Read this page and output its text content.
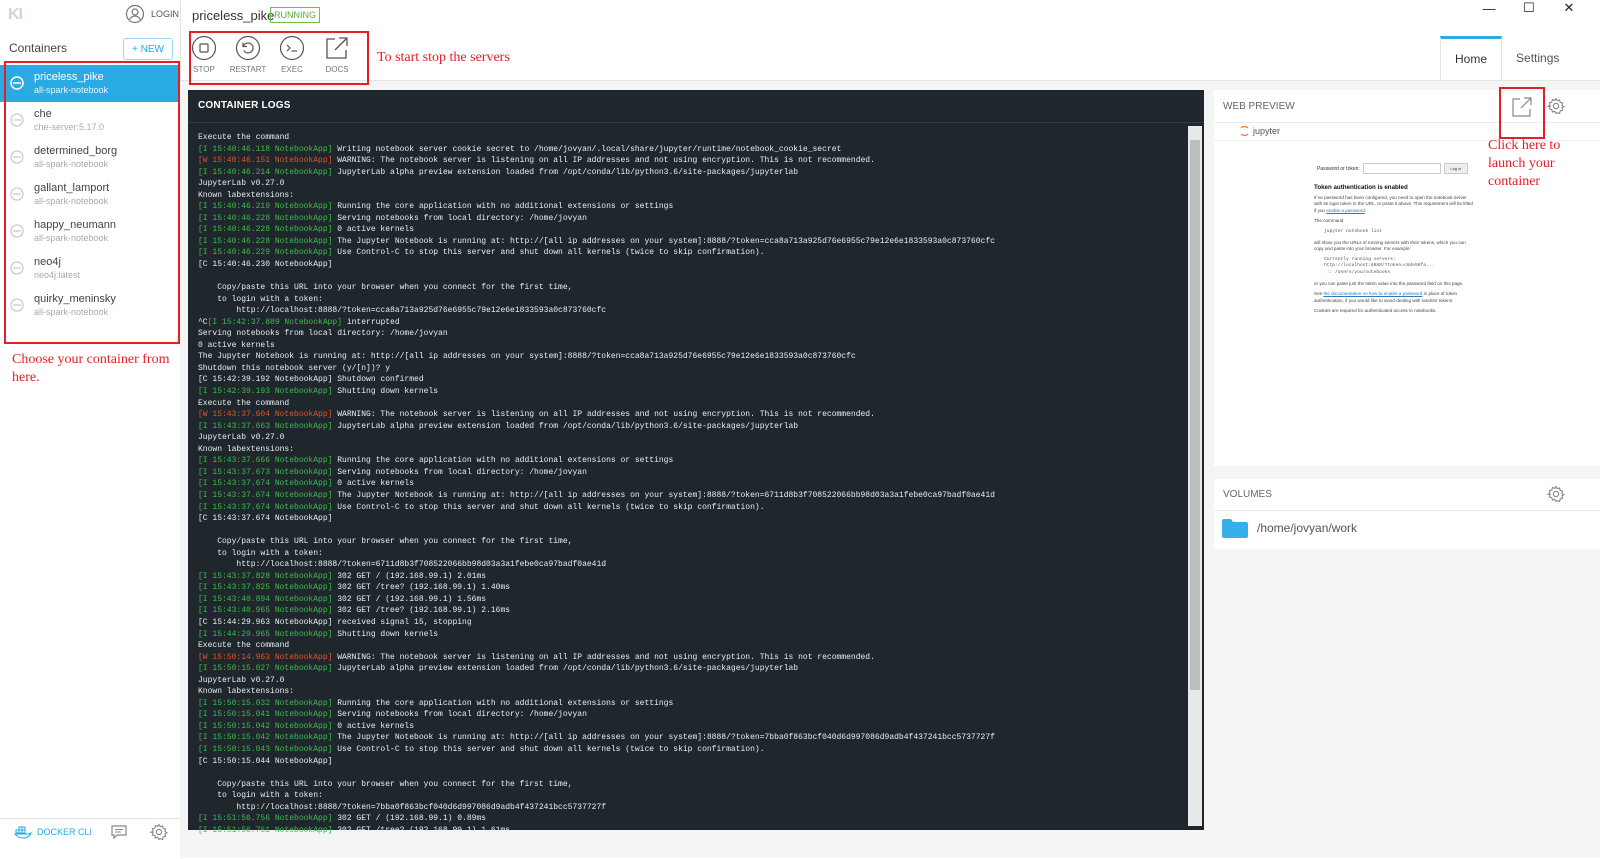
KI	LOGIN
Containers	+ NEW
priceless_pike
all-spark-notebook
che
che-server:5.17.0
determined_borg
all-spark-notebook
gallant_lamport
all-spark-notebook
happy_neumann
all-spark-notebook
neo4j
neo4j:latest
quirky_meninsky
all-spark-notebook
DOCKER CLI
priceless_pike RUNNING
STOP	RESTART	EXEC	DOCS
—	☐	✕
Home	Settings
CONTAINER LOGS
Execute the command
[I 15:40:46.118 NotebookApp] Writing notebook server cookie secret to /home/jovyan/.local/share/jupyter/runtime/notebook_cookie_secret
[W 15:40:46.151 NotebookApp] WARNING: The notebook server is listening on all IP addresses and not using encryption. This is not recommended.
[I 15:40:46.214 NotebookApp] JupyterLab alpha preview extension loaded from /opt/conda/lib/python3.6/site-packages/jupyterlab
JupyterLab v0.27.0
Known labextensions:
[I 15:40:46.219 NotebookApp] Running the core application with no additional extensions or settings
[I 15:40:46.228 NotebookApp] Serving notebooks from local directory: /home/jovyan
[I 15:40:46.228 NotebookApp] 0 active kernels
[I 15:40:46.228 NotebookApp] The Jupyter Notebook is running at: http://[all ip addresses on your system]:8888/?token=cca8a713a925d76e6955c79e12e6e1833593a0c873760cfc
[I 15:40:46.229 NotebookApp] Use Control-C to stop this server and shut down all kernels (twice to skip confirmation).
[C 15:40:46.230 NotebookApp]

Copy/paste this URL into your browser when you connect for the first time,
to login with a token:
http://localhost:8888/?token=cca8a713a925d76e6955c79e12e6e1833593a0c873760cfc
^C[I 15:42:37.889 NotebookApp] interrupted
Serving notebooks from local directory: /home/jovyan
0 active kernels
The Jupyter Notebook is running at: http://[all ip addresses on your system]:8888/?token=cca8a713a925d76e6955c79e12e6e1833593a0c873760cfc
Shutdown this notebook server (y/[n])? y
[C 15:42:39.192 NotebookApp] Shutdown confirmed
[I 15:42:39.193 NotebookApp] Shutting down kernels
Execute the command
[W 15:43:37.604 NotebookApp] WARNING: The notebook server is listening on all IP addresses and not using encryption. This is not recommended.
[I 15:43:37.663 NotebookApp] JupyterLab alpha preview extension loaded from /opt/conda/lib/python3.6/site-packages/jupyterlab
JupyterLab v0.27.0
Known labextensions:
[I 15:43:37.666 NotebookApp] Running the core application with no additional extensions or settings
[I 15:43:37.673 NotebookApp] Serving notebooks from local directory: /home/jovyan
[I 15:43:37.674 NotebookApp] 0 active kernels
[I 15:43:37.674 NotebookApp] The Jupyter Notebook is running at: http://[all ip addresses on your system]:8888/?token=6711d8b3f708522066bb98d03a3a1febe0ca97badf0ae41d
[I 15:43:37.674 NotebookApp] Use Control-C to stop this server and shut down all kernels (twice to skip confirmation).
[C 15:43:37.674 NotebookApp]

Copy/paste this URL into your browser when you connect for the first time,
to login with a token:
http://localhost:8888/?token=6711d8b3f708522066bb98d03a3a1febe0ca97badf0ae41d
[I 15:43:37.828 NotebookApp] 302 GET / (192.168.99.1) 2.01ms
[I 15:43:37.825 NotebookApp] 302 GET /tree? (192.168.99.1) 1.40ms
[I 15:43:40.894 NotebookApp] 302 GET / (192.168.99.1) 1.56ms
[I 15:43:40.965 NotebookApp] 302 GET /tree? (192.168.99.1) 2.16ms
[C 15:44:29.963 NotebookApp] received signal 15, stopping
[I 15:44:29.965 NotebookApp] Shutting down kernels
Execute the command
[W 15:50:14.963 NotebookApp] WARNING: The notebook server is listening on all IP addresses and not using encryption. This is not recommended.
[I 15:50:15.027 NotebookApp] JupyterLab alpha preview extension loaded from /opt/conda/lib/python3.6/site-packages/jupyterlab
JupyterLab v0.27.0
Known labextensions:
[I 15:50:15.032 NotebookApp] Running the core application with no additional extensions or settings
[I 15:50:15.041 NotebookApp] Serving notebooks from local directory: /home/jovyan
[I 15:50:15.042 NotebookApp] 0 active kernels
[I 15:50:15.042 NotebookApp] The Jupyter Notebook is running at: http://[all ip addresses on your system]:8888/?token=7bba0f863bcf040d6d997086d9adb4f437241bcc5737727f
[I 15:50:15.043 NotebookApp] Use Control-C to stop this server and shut down all kernels (twice to skip confirmation).
[C 15:50:15.044 NotebookApp]

Copy/paste this URL into your browser when you connect for the first time,
to login with a token:
http://localhost:8888/?token=7bba0f863bcf040d6d997086d9adb4f437241bcc5737727f
[I 15:51:56.756 NotebookApp] 302 GET / (192.168.99.1) 0.89ms
[I 15:51:56.761 NotebookApp] 302 GET /tree? (192.168.99.1) 1.61ms
WEB PREVIEW
jupyter
Password or token:	Log in
Token authentication is enabled

If no password has been configured, you need to open the notebook server with its login token in the URL, or paste it above. This requirement will be lifted if you enable a password.

The command

jupyter notebook list

will show you the URLs of running servers with their tokens, which you can copy and paste into your browser. For example:

Currently running servers:
http://localhost:8888/?token=c8de56fa...
:: /Users/you/notebooks

or you can paste just the token value into the password field on this page.

See the documentation on how to enable a password in place of token authentication, if you would like to avoid dealing with random tokens.

Cookies are required for authenticated access to notebooks.

VOLUMES
/home/jovyan/work
Choose your container from here.
To start stop the servers
Click here to launch your container
